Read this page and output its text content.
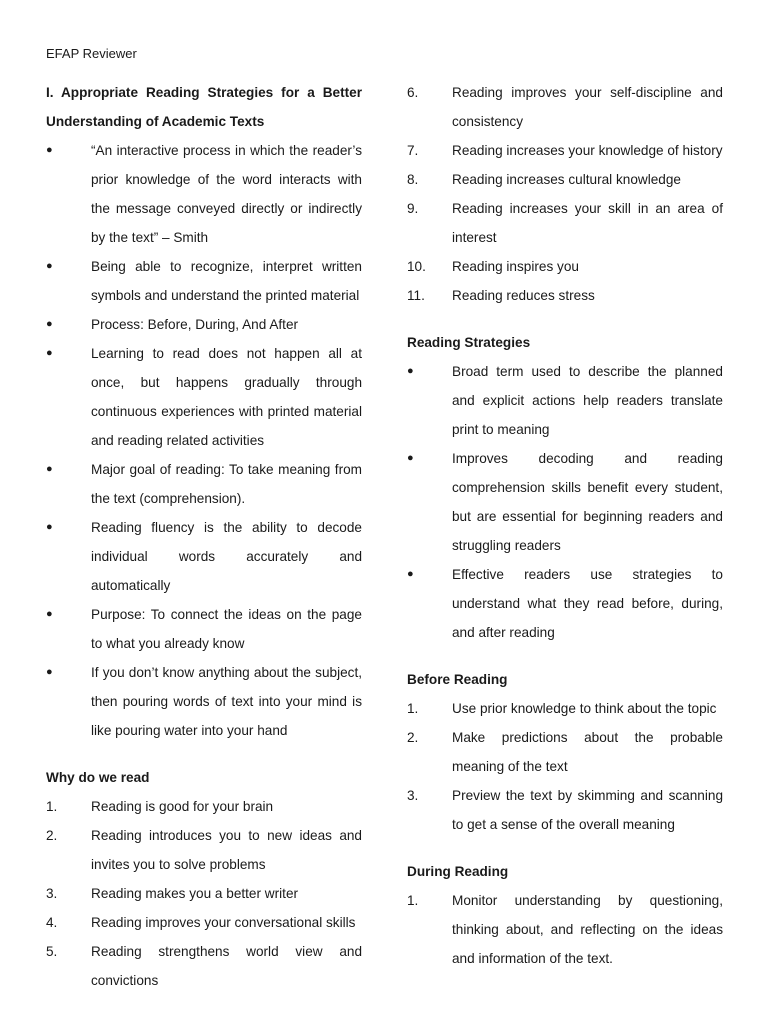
EFAP Reviewer
I. Appropriate Reading Strategies for a Better Understanding of Academic Texts
●	“An interactive process in which the reader’s prior knowledge of the word interacts with the message conveyed directly or indirectly by the text” – Smith
●	Being able to recognize, interpret written symbols and understand the printed material
●	Process: Before, During, And After
●	Learning to read does not happen all at once, but happens gradually through continuous experiences with printed material and reading related activities
●	Major goal of reading: To take meaning from the text (comprehension).
●	Reading fluency is the ability to decode individual words accurately and automatically
●	Purpose: To connect the ideas on the page to what you already know
●	If you don’t know anything about the subject, then pouring words of text into your mind is like pouring water into your hand
Why do we read
1.	Reading is good for your brain
2.	Reading introduces you to new ideas and invites you to solve problems
3.	Reading makes you a better writer
4.	Reading improves your conversational skills
5.	Reading strengthens world view and convictions
6.	Reading improves your self-discipline and consistency
7.	Reading increases your knowledge of history
8.	Reading increases cultural knowledge
9.	Reading increases your skill in an area of interest
10.	Reading inspires you
11.	Reading reduces stress
Reading Strategies
●	Broad term used to describe the planned and explicit actions help readers translate print to meaning
●	Improves decoding and reading comprehension skills benefit every student, but are essential for beginning readers and struggling readers
●	Effective readers use strategies to understand what they read before, during, and after reading
Before Reading
1.	Use prior knowledge to think about the topic
2.	Make predictions about the probable meaning of the text
3.	Preview the text by skimming and scanning to get a sense of the overall meaning
During Reading
1.	Monitor understanding by questioning, thinking about, and reflecting on the ideas and information of the text.
